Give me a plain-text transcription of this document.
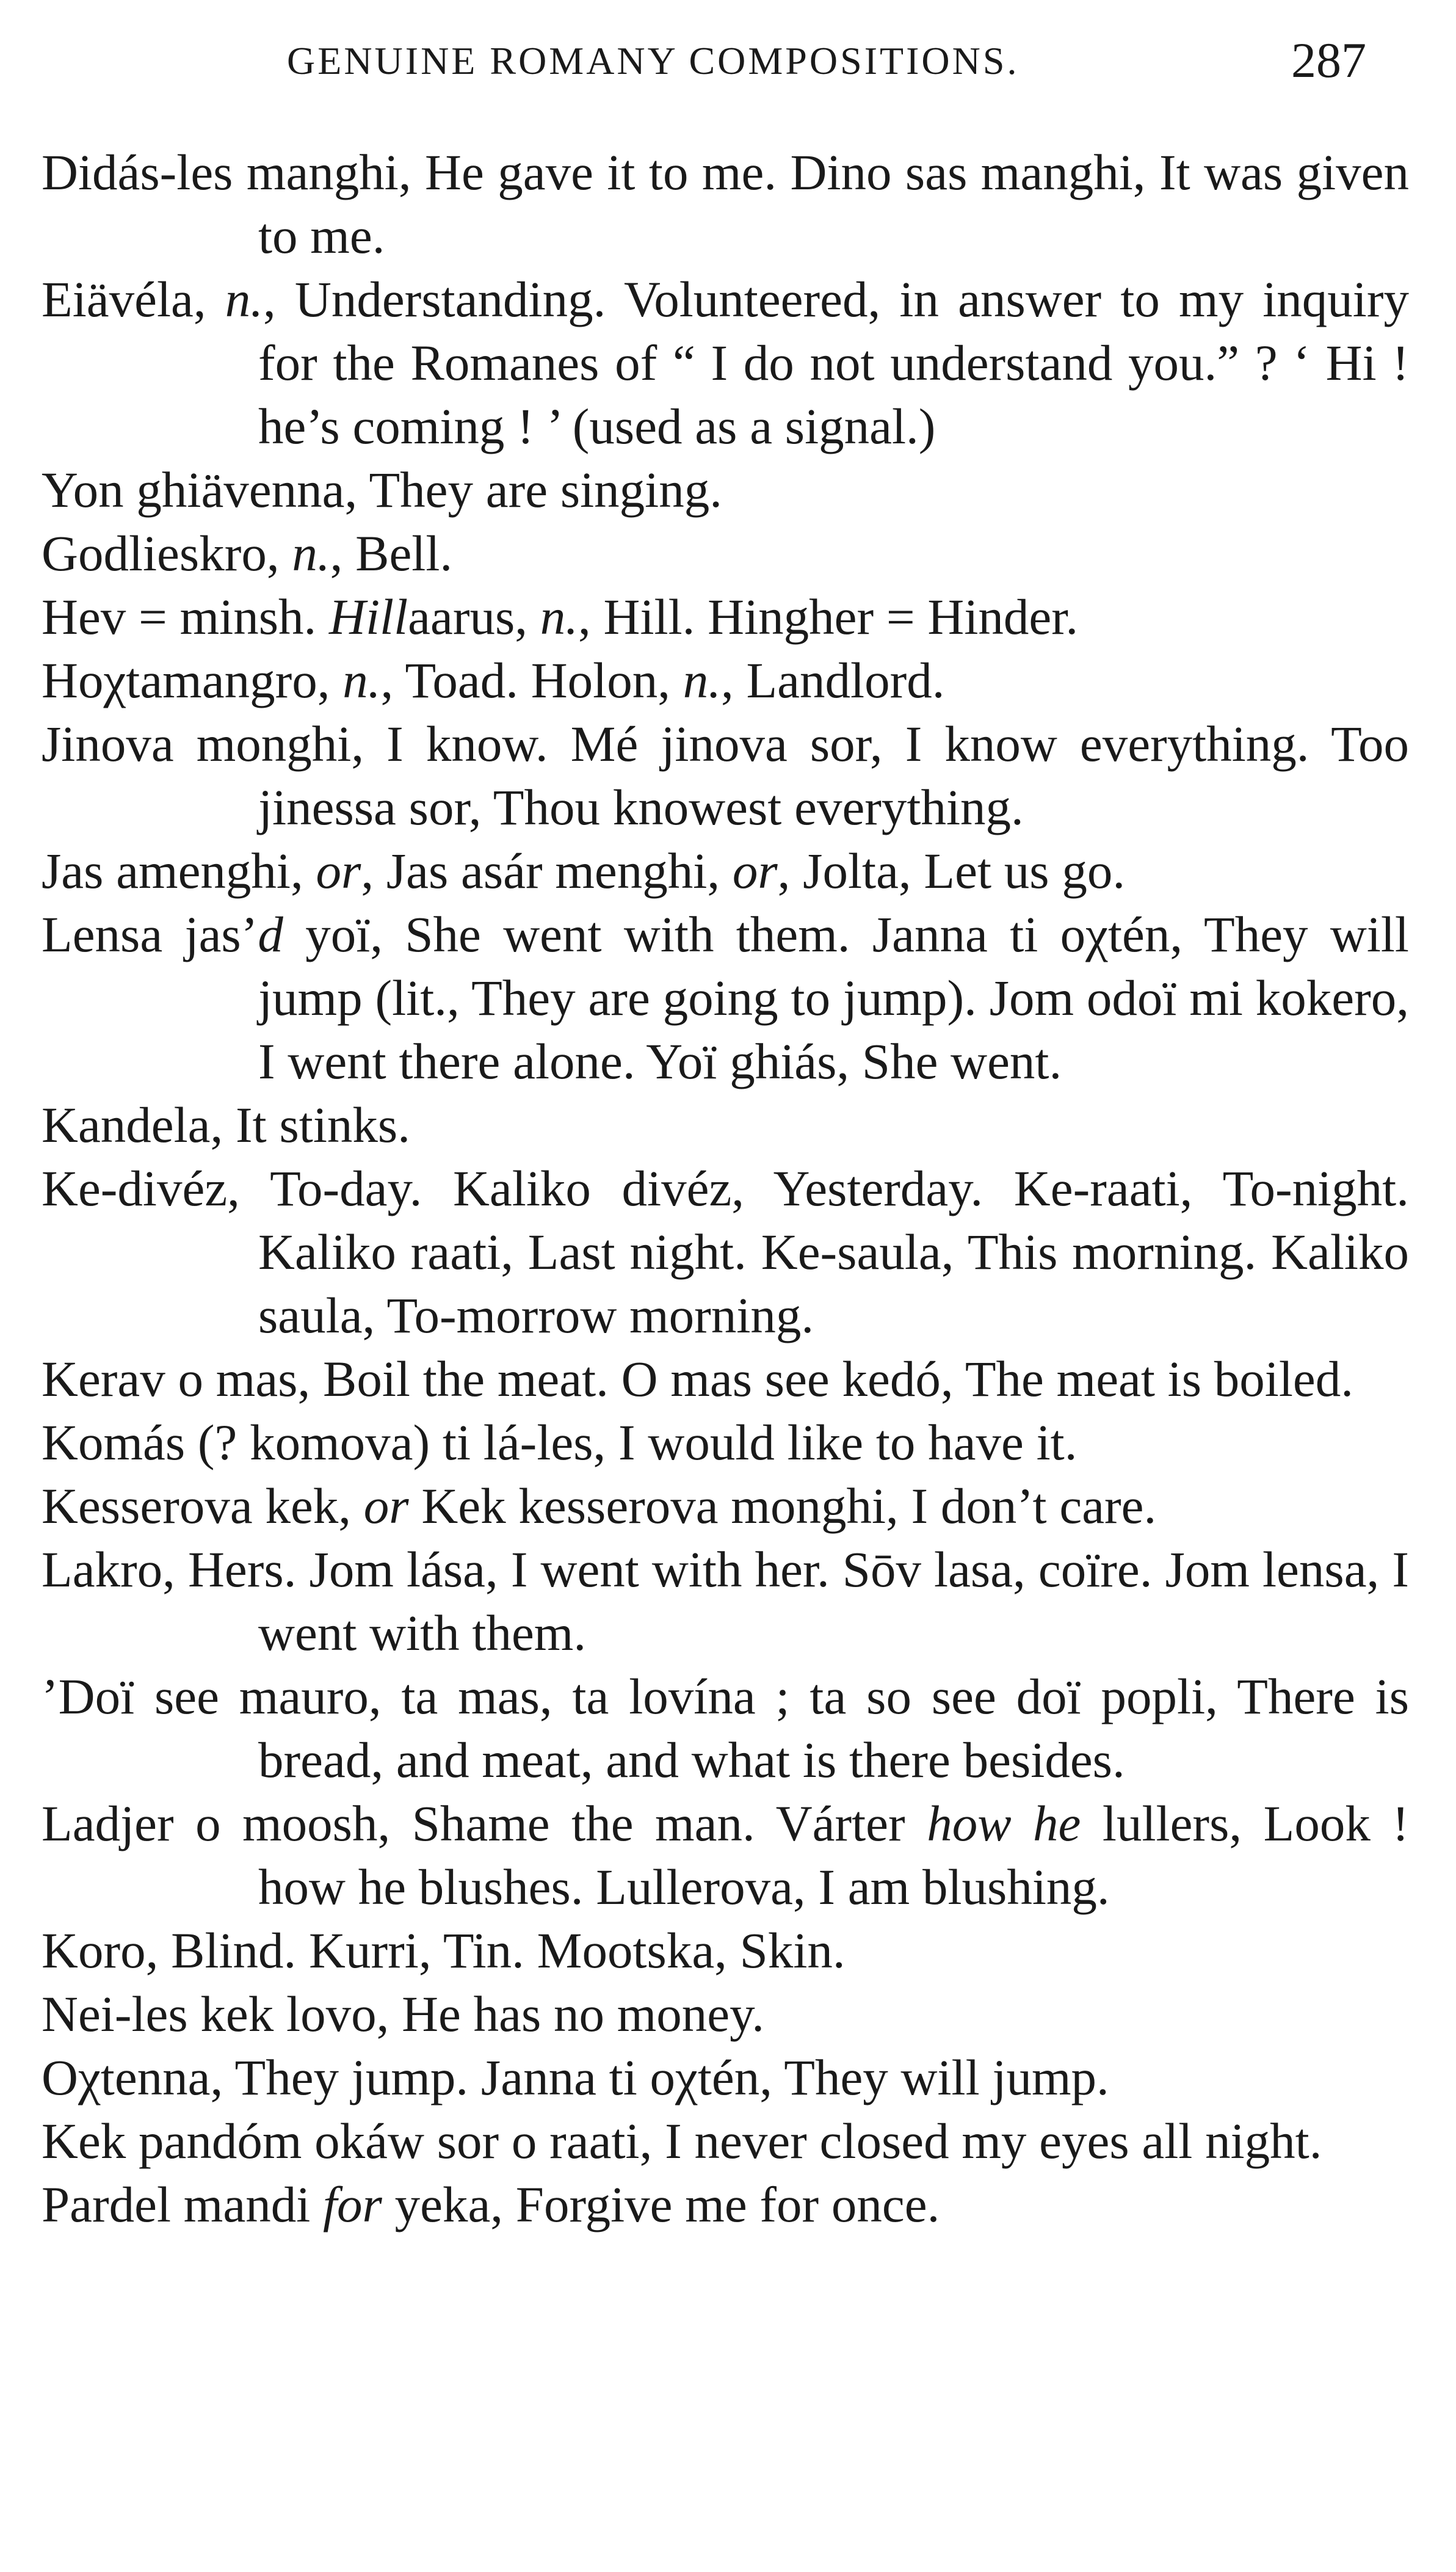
GENUINE ROMANY COMPOSITIONS.	287

Didás-les manghi, He gave it to me. Dino sas manghi, It was given to me.

Eiävéla, n., Understanding. Volunteered, in answer to my inquiry for the Romanes of “ I do not understand you.” ? ‘ Hi ! he’s coming ! ’ (used as a signal.)

Yon ghiävenna, They are singing.

Godlieskro, n., Bell.

Hev = minsh. Hillaarus, n., Hill. Hingher = Hinder.

Hoχtamangro, n., Toad. Holon, n., Landlord.

Jinova monghi, I know. Mé jinova sor, I know everything. Too jinessa sor, Thou knowest everything.

Jas amenghi, or, Jas asár menghi, or, Jolta, Let us go.

Lensa jas’d yoï, She went with them. Janna ti oχtén, They will jump (lit., They are going to jump). Jom odoï mi kokero, I went there alone. Yoï ghiás, She went.

Kandela, It stinks.

Ke-divéz, To-day. Kaliko divéz, Yesterday. Ke-raati, To-night. Kaliko raati, Last night. Ke-saula, This morning. Kaliko saula, To-morrow morning.

Kerav o mas, Boil the meat. O mas see kedó, The meat is boiled.

Komás (? komova) ti lá-les, I would like to have it.

Kesserova kek, or Kek kesserova monghi, I don’t care.

Lakro, Hers. Jom lása, I went with her. Sōv lasa, coïre. Jom lensa, I went with them.

’Doï see mauro, ta mas, ta lovína ; ta so see doï popli, There is bread, and meat, and what is there besides.

Ladjer o moosh, Shame the man. Várter how he lullers, Look ! how he blushes. Lullerova, I am blushing.

Koro, Blind. Kurri, Tin. Mootska, Skin.

Nei-les kek lovo, He has no money.

Oχtenna, They jump. Janna ti oχtén, They will jump.

Kek pandóm okáw sor o raati, I never closed my eyes all night.

Pardel mandi for yeka, Forgive me for once.
